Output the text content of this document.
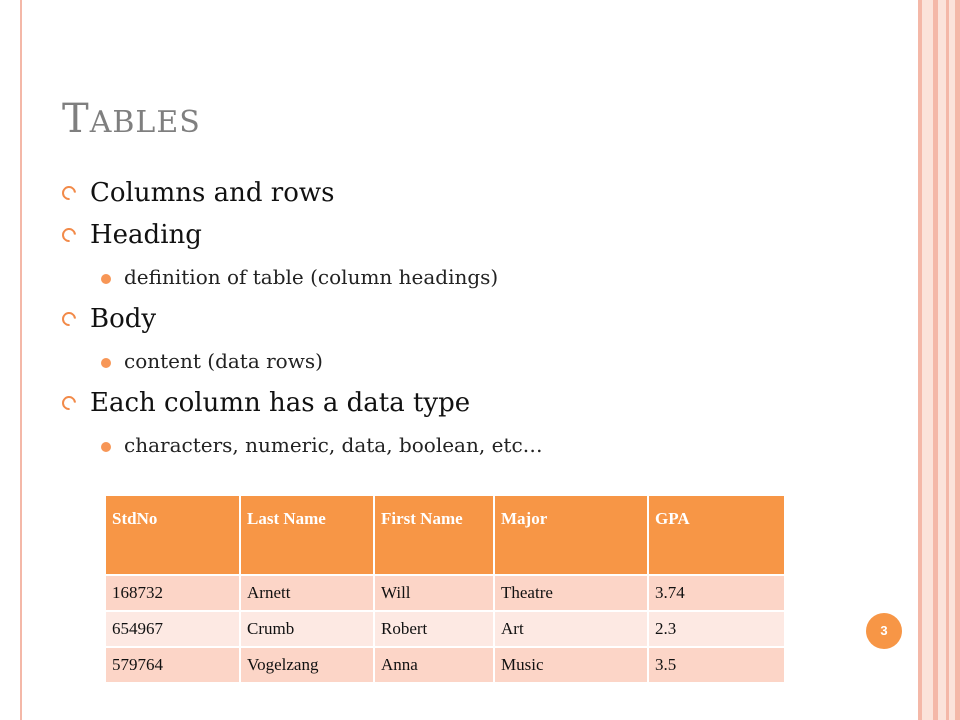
TABLES
Columns and rows
Heading
definition of table (column headings)
Body
content (data rows)
Each column has a data type
characters, numeric, data, boolean, etc…
StdNo	Last Name	First Name	Major	GPA
168732	Arnett	Will	Theatre	3.74
654967	Crumb	Robert	Art	2.3
579764	Vogelzang	Anna	Music	3.5
3
